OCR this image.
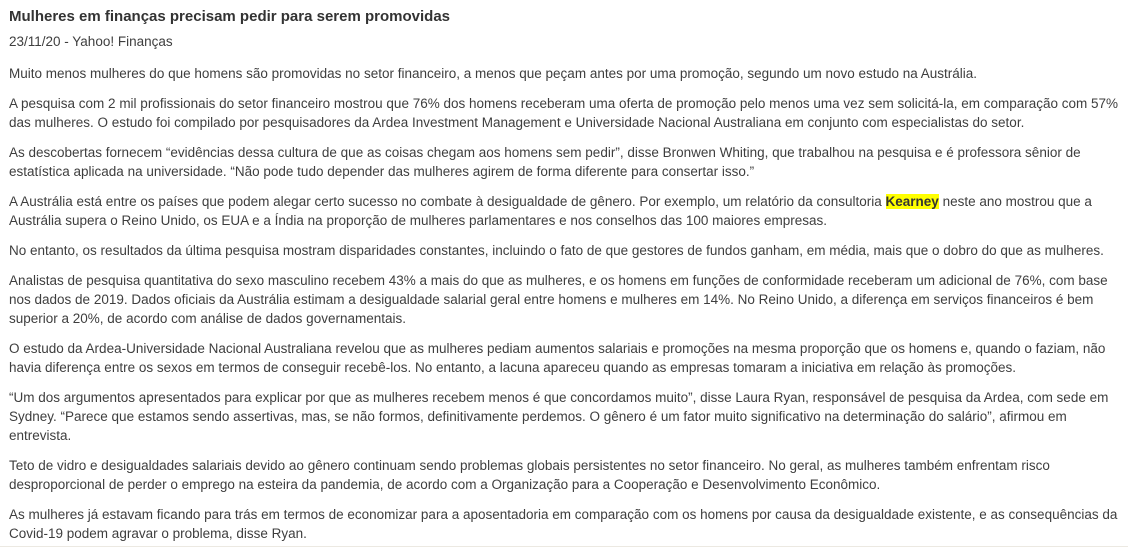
Mulheres em finanças precisam pedir para serem promovidas
23/11/20 - Yahoo! Finanças

Muito menos mulheres do que homens são promovidas no setor financeiro, a menos que peçam antes por uma promoção, segundo um novo estudo na Austrália.

A pesquisa com 2 mil profissionais do setor financeiro mostrou que 76% dos homens receberam uma oferta de promoção pelo menos uma vez sem solicitá-la, em comparação com 57% das mulheres. O estudo foi compilado por pesquisadores da Ardea Investment Management e Universidade Nacional Australiana em conjunto com especialistas do setor.

As descobertas fornecem “evidências dessa cultura de que as coisas chegam aos homens sem pedir”, disse Bronwen Whiting, que trabalhou na pesquisa e é professora sênior de estatística aplicada na universidade. “Não pode tudo depender das mulheres agirem de forma diferente para consertar isso.”

A Austrália está entre os países que podem alegar certo sucesso no combate à desigualdade de gênero. Por exemplo, um relatório da consultoria Kearney neste ano mostrou que a Austrália supera o Reino Unido, os EUA e a Índia na proporção de mulheres parlamentares e nos conselhos das 100 maiores empresas.

No entanto, os resultados da última pesquisa mostram disparidades constantes, incluindo o fato de que gestores de fundos ganham, em média, mais que o dobro do que as mulheres.

Analistas de pesquisa quantitativa do sexo masculino recebem 43% a mais do que as mulheres, e os homens em funções de conformidade receberam um adicional de 76%, com base nos dados de 2019. Dados oficiais da Austrália estimam a desigualdade salarial geral entre homens e mulheres em 14%. No Reino Unido, a diferença em serviços financeiros é bem superior a 20%, de acordo com análise de dados governamentais.

O estudo da Ardea-Universidade Nacional Australiana revelou que as mulheres pediam aumentos salariais e promoções na mesma proporção que os homens e, quando o faziam, não havia diferença entre os sexos em termos de conseguir recebê-los. No entanto, a lacuna apareceu quando as empresas tomaram a iniciativa em relação às promoções.

“Um dos argumentos apresentados para explicar por que as mulheres recebem menos é que concordamos muito”, disse Laura Ryan, responsável de pesquisa da Ardea, com sede em Sydney. “Parece que estamos sendo assertivas, mas, se não formos, definitivamente perdemos. O gênero é um fator muito significativo na determinação do salário”, afirmou em entrevista.

Teto de vidro e desigualdades salariais devido ao gênero continuam sendo problemas globais persistentes no setor financeiro. No geral, as mulheres também enfrentam risco desproporcional de perder o emprego na esteira da pandemia, de acordo com a Organização para a Cooperação e Desenvolvimento Econômico.

As mulheres já estavam ficando para trás em termos de economizar para a aposentadoria em comparação com os homens por causa da desigualdade existente, e as consequências da Covid-19 podem agravar o problema, disse Ryan.
